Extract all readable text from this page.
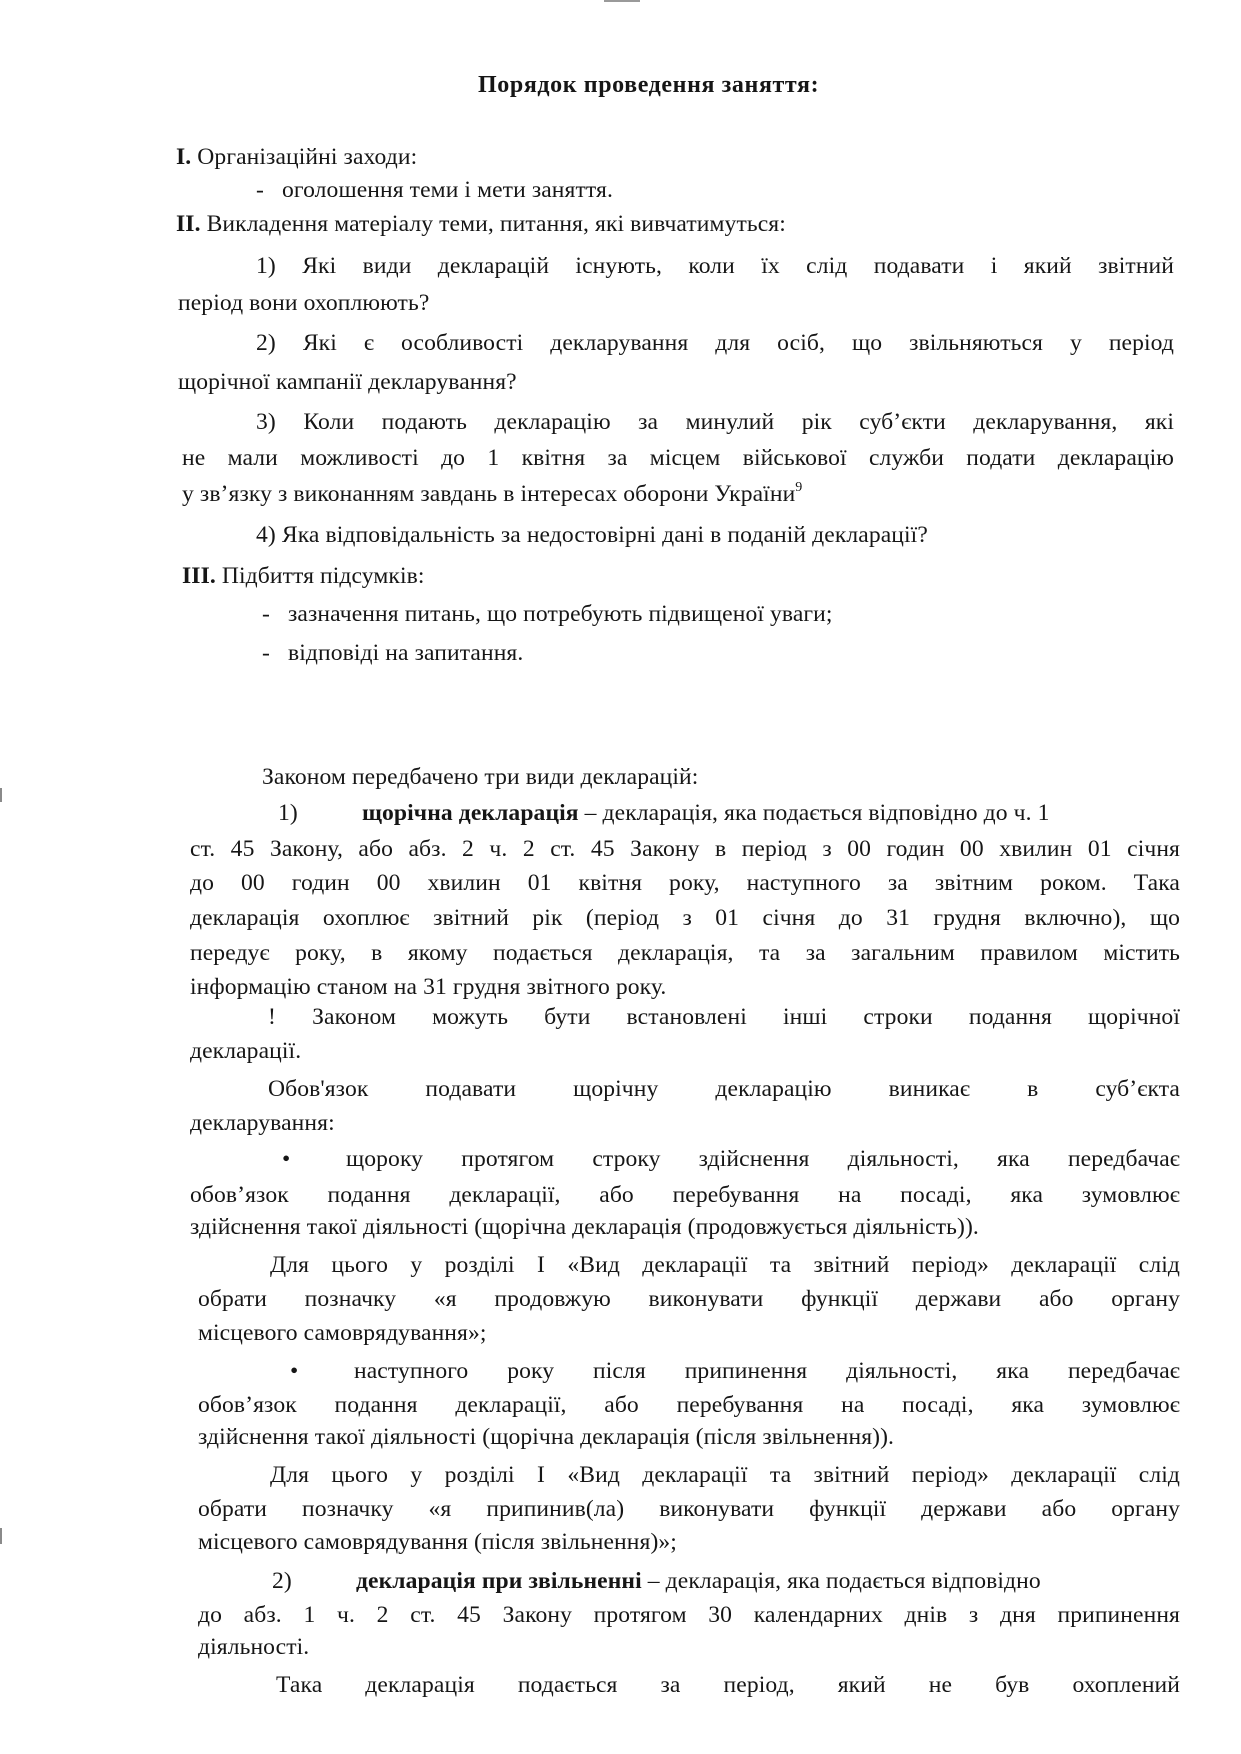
Порядок проведення заняття:
I. Організаційні заходи:
- оголошення теми і мети заняття.
II. Викладення матеріалу теми, питання, які вивчатимуться:
1) Які види декларацій існують, коли їх слід подавати і який звітний
період вони охоплюють?
2) Які є особливості декларування для осіб, що звільняються у період
щорічної кампанії декларування?
3) Коли подають декларацію за минулий рік суб’єкти декларування, які
не мали можливості до 1 квітня за місцем військової служби подати декларацію
у зв’язку з виконанням завдань в інтересах оборони України$^9$
4) Яка відповідальність за недостовірні дані в поданій декларації?
III. Підбиття підсумків:
- зазначення питань, що потребують підвищеної уваги;
- відповіді на запитання.
Законом передбачено три види декларацій:
1)	щорічна декларація – декларація, яка подається відповідно до ч. 1
ст. 45 Закону, або абз. 2 ч. 2 ст. 45 Закону в період з 00 годин 00 хвилин 01 січня
до 00 годин 00 хвилин 01 квітня року, наступного за звітним роком. Така
декларація охоплює звітний рік (період з 01 січня до 31 грудня включно), що
передує року, в якому подається декларація, та за загальним правилом містить
інформацію станом на 31 грудня звітного року.
! Законом можуть бути встановлені інші строки подання щорічної
декларації.
Обов'язок подавати щорічну декларацію виникає в суб’єкта
декларування:
• щороку протягом строку здійснення діяльності, яка передбачає
обов’язок подання декларації, або перебування на посаді, яка зумовлює
здійснення такої діяльності (щорічна декларація (продовжується діяльність)).
Для цього у розділі I «Вид декларації та звітний період» декларації слід
обрати позначку «я продовжую виконувати функції держави або органу
місцевого самоврядування»;
• наступного року після припинення діяльності, яка передбачає
обов’язок подання декларації, або перебування на посаді, яка зумовлює
здійснення такої діяльності (щорічна декларація (після звільнення)).
Для цього у розділі I «Вид декларації та звітний період» декларації слід
обрати позначку «я припинив(ла) виконувати функції держави або органу
місцевого самоврядування (після звільнення)»;
2)	декларація при звільненні – декларація, яка подається відповідно
до абз. 1 ч. 2 ст. 45 Закону протягом 30 календарних днів з дня припинення
діяльності.
Така декларація подається за період, який не був охоплений
